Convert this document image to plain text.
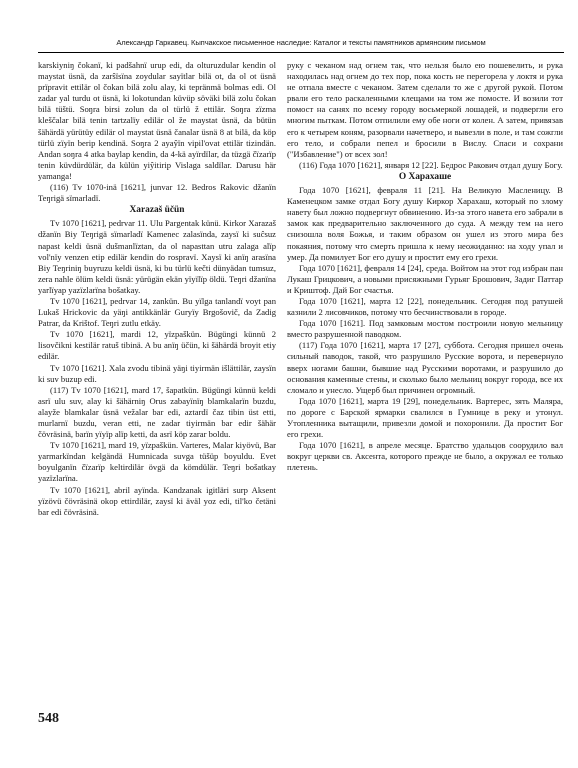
Александр Гаркавец. Кыпчакское письменное наследие: Каталог и тексты памятников армянским письмом

karskiyniŋ čokanï, ki padšahnï urup edi, da olturuzdular kendin ol maystat üsnä, da zarŝïsïna zoydular sayïtlar bilä ot, da ol ot üsnä prïpravit ettilär ol čokan bilä zolu alay, ki tepränmä bolmas edi. Ol zadar yal turdu ot üsnä, ki lokotundan küvüp söväki bilä zolu čokan bilä tüštü. Soŋra birsi zolun da ol türlü ž ettilär. Soŋra zïzma kleščalar bilä tenin tartzalïy edilär ol že maystat üsnä, da bütün šähärdä yürütüy edilär ol maystat üsnä čanalar üsnä 8 at bilä, da köp türlü zïyïn berip kendinä. Soŋra 2 ayaŷïn vipil'ovat ettilär tizindän. Andan soŋra 4 atka baylap kendin, da 4-kä ayïrdïlar, da tüzgä čïzarïp tenin küvdürdülär, da külün yiŷitirip Vislaga saldïlar. Darusu här yamanga!

(116) Tv 1070-inä [1621], junvar 12. Bedros Rakovic džanïn Teŋrigä sïmarladï.

Xarazaš üčün

Tv 1070 [1621], pedrvar 11. Ulu Pargentak künü. Kirkor Xarazaš džanïn Biy Teŋrigä sïmarladï Kamenec zalasïnda, zaysï ki suĉsuz napast keldi üsnä dušmanlïztan, da ol napasttan utru zalaga alïp vol'nïy venzen etip edilär kendin do rospravï. Xaysï ki anïŋ arasïna Biy Teŋriniŋ buyruzu keldi üsnä, ki bu türlü kečti dünyädan tumsuz, zera nahle ölüm keldi üsnä: yürügän ekän yïyïlïp öldü. Teŋri džanïna yarlïyap yazïzlarïna bošatkay.

Tv 1070 [1621], pedrvar 14, zankün. Bu yïlga tanlandï voyt pan Lukaš Hrickovic da yäŋi antikkänlär Guryïy Brgošovič, da Zadig Patrar, da Krištof. Teŋri zutlu etkäy.

Tv 1070 [1621], mardi 12, yïzpaškün. Bügüngi künnü 2 lisovčikni kestilär ratuš tibinä. A bu anïŋ üčün, ki šähärdä broyit etiy edilär.

Tv 1070 [1621]. Xala zvodu tibinä yäŋi tiyirmän išlättilär, zaysïn ki suv buzup edi.

(117) Tv 1070 [1621], mard 17, šapatkün. Bügüngi künnü keldi asrï ulu suv, alay ki šähärniŋ Orus zabayïnïŋ blamkalarïn buzdu, alayže blamkalar üsnä vežalar bar edi, aztardï čaz tibin üst etti, murlarnï buzdu, veran etti, ne zadar tiyirmän bar edir šähär čövräsinä, barïn yïyïp alïp ketti, da asrï köp zarar boldu.

Tv 1070 [1621], mard 19, yïzpaškün. Varteres, Malar kiyövü, Bar yarmarkïndan kelgändä Humnicada suvga tüšüp boyuldu. Evet boyulganïn čïzarïp keltirdilär övgä da kömdülär. Teŋri bošatkay yazïzlarïna.

Tv 1070 [1621], abril ayïnda. Kandzanak igitläri surp Aksent yïzövü čövräsinä okop ettirdilär, zaysï ki äväl yoz edi, til'ko četäni bar edi čövräsinä.

руку с чеканом над огнем так, что нельзя было ею пошевелить, и рука находилась над огнем до тех пор, пока кость не перегорела у локтя и рука не отпала вместе с чеканом. Затем сделали то же с другой рукой. Потом рвали его тело раскаленными клещами на том же помосте. И возили тот помост на санях по всему городу восьмеркой лошадей, и подвергли его многим пыткам. Потом отпилили ему обе ноги от колен. А затем, привязав его к четырем коням, разорвали начетверо, и вывезли в поле, и там сожгли его тело, и собрали пепел и бросили в Вислу. Спаси и сохрани ("Избавление") от всех зол!

(116) Года 1070 [1621], января 12 [22]. Бедрос Ракович отдал душу Богу.

О Харахаше

Года 1070 [1621], февраля 11 [21]. На Великую Масленицу. В Каменецком замке отдал Богу душу Киркор Харахаш, который по злому навету был ложно подвергнут обвинению. Из-за этого навета его забрали в замок как предварительно заключенного до суда. А между тем на него снизошла воля Божья, и таким образом он ушел из этого мира без покаяния, потому что смерть пришла к нему неожиданно: на ходу упал и умер. Да помилует Бог его душу и простит ему его грехи.

Года 1070 [1621], февраля 14 [24], среда. Войтом на этот год избран пан Лукаш Грицкович, а новыми присяжными Гурьяг Брошович, Задиг Паттар и Криштоф. Дай Бог счастья.

Года 1070 [1621], марта 12 [22], понедельник. Сегодня под ратушей казнили 2 лисовчиков, потому что бесчинствовали в городе.

Года 1070 [1621]. Под замковым мостом построили новую мельницу вместо разрушенной паводком.

(117) Года 1070 [1621], марта 17 [27], суббота. Сегодня пришел очень сильный паводок, такой, что разрушило Русские ворота, и перевернуло вверх ногами башни, бывшие над Русскими воротами, и разрушило до основания каменные стены, и сколько было мельниц вокруг города, все их сломало и унесло. Ущерб был причинен огромный.

Года 1070 [1621], марта 19 [29], понедельник. Вартерес, зять Маляра, по дороге с Барской ярмарки свалился в Гумнице в реку и утонул. Утопленника вытащили, привезли домой и похоронили. Да простит Бог его грехи.

Года 1070 [1621], в апреле месяце. Братство удальцов соорудило вал вокруг церкви св. Аксента, которого прежде не было, а окружал ее только плетень.

548
